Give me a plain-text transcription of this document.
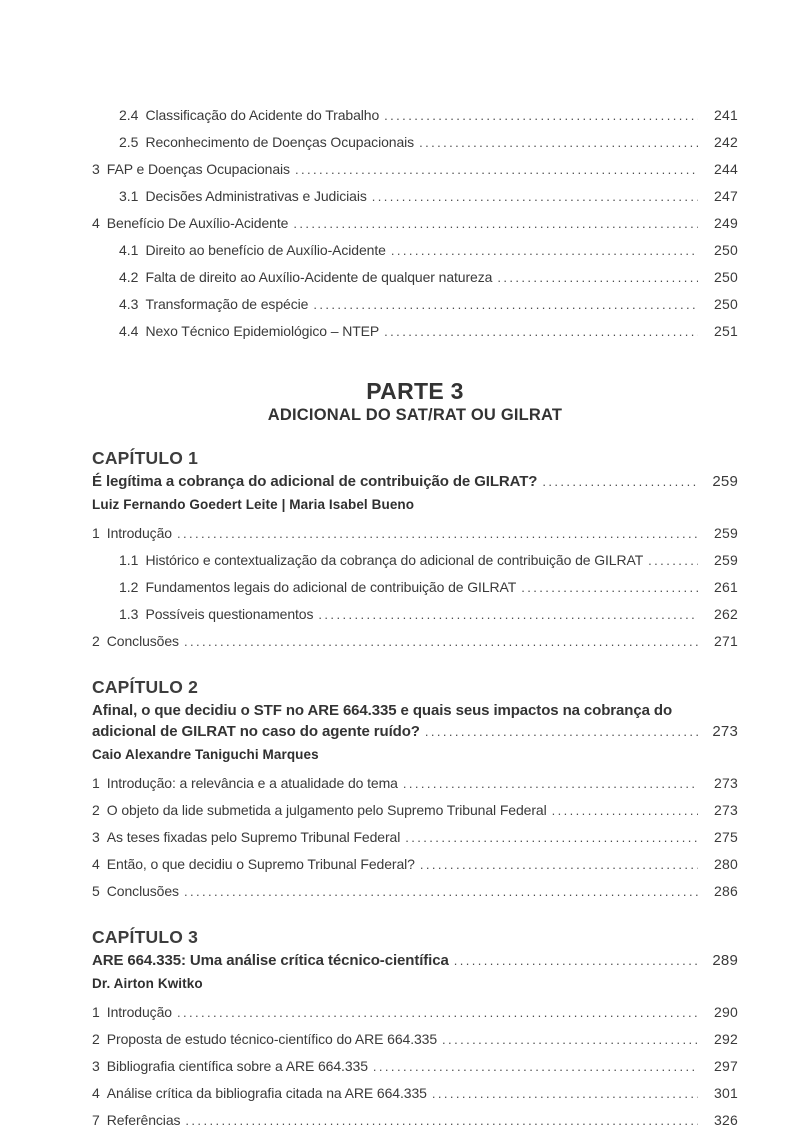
2.4 Classificação do Acidente do Trabalho .....	241
2.5 Reconhecimento de Doenças Ocupacionais .....	242
3 FAP e Doenças Ocupacionais .....	244
3.1 Decisões Administrativas e Judiciais .....	247
4 Benefício De Auxílio-Acidente .....	249
4.1 Direito ao benefício de Auxílio-Acidente .....	250
4.2 Falta de direito ao Auxílio-Acidente de qualquer natureza .....	250
4.3 Transformação de espécie .....	250
4.4 Nexo Técnico Epidemiológico – NTEP .....	251
PARTE 3
ADICIONAL DO SAT/RAT OU GILRAT
CAPÍTULO 1
É legítima a cobrança do adicional de contribuição de GILRAT? .....	259
Luiz Fernando Goedert Leite | Maria Isabel Bueno
1 Introdução .....	259
1.1 Histórico e contextualização da cobrança do adicional de contribuição de GILRAT .....	259
1.2 Fundamentos legais do adicional de contribuição de GILRAT .....	261
1.3 Possíveis questionamentos .....	262
2 Conclusões .....	271
CAPÍTULO 2
Afinal, o que decidiu o STF no ARE 664.335 e quais seus impactos na cobrança do
adicional de GILRAT no caso do agente ruído? .....	273
Caio Alexandre Taniguchi Marques
1 Introdução: a relevância e a atualidade do tema .....	273
2 O objeto da lide submetida a julgamento pelo Supremo Tribunal Federal .....	273
3 As teses fixadas pelo Supremo Tribunal Federal .....	275
4 Então, o que decidiu o Supremo Tribunal Federal? .....	280
5 Conclusões .....	286
CAPÍTULO 3
ARE 664.335: Uma análise crítica técnico-científica .....	289
Dr. Airton Kwitko
1 Introdução .....	290
2 Proposta de estudo técnico-científico do ARE 664.335 .....	292
3 Bibliografia científica sobre a ARE 664.335 .....	297
4 Análise crítica da bibliografia citada na ARE 664.335 .....	301
7 Referências .....	326
